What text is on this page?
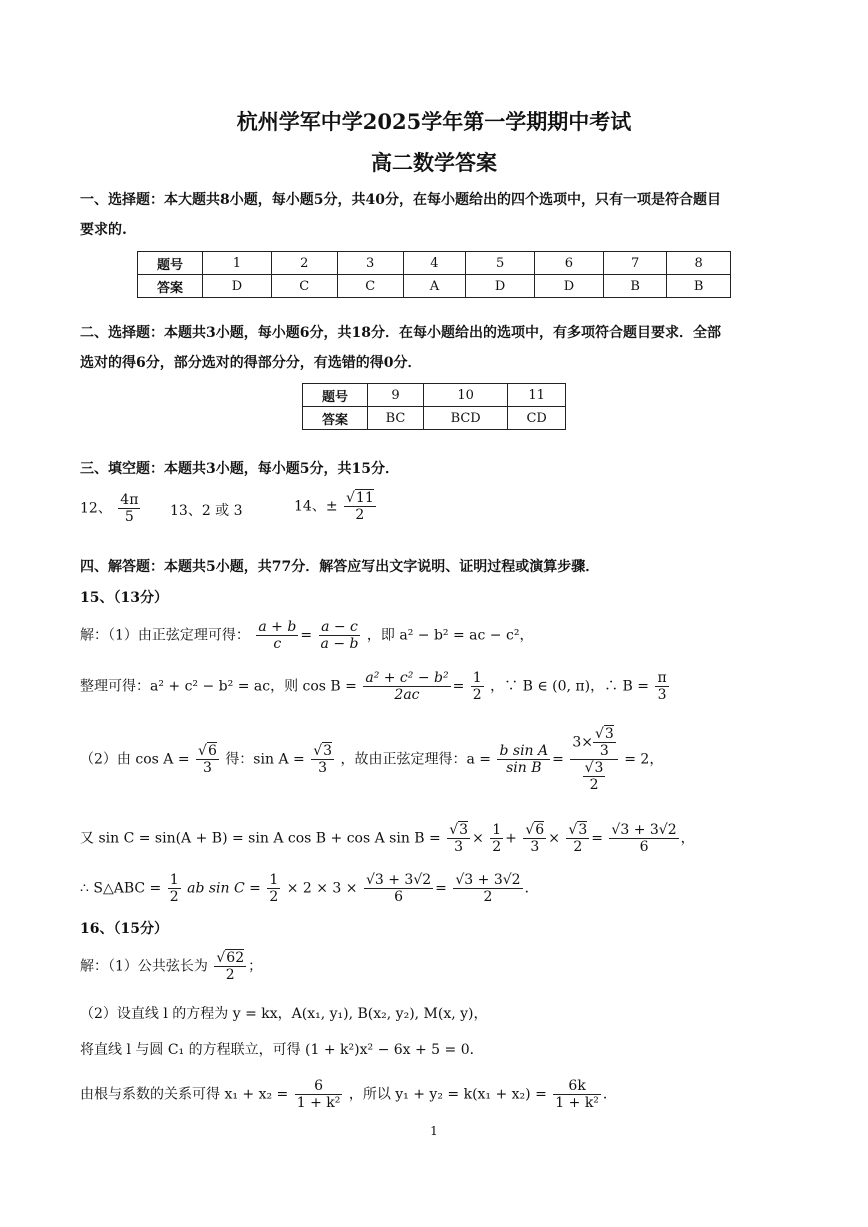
杭州学军中学2025学年第一学期期中考试
高二数学答案
一、选择题：本大题共8小题，每小题5分，共40分，在每小题给出的四个选项中，只有一项是符合题目
要求的.
题号	1	2	3	4	5	6	7	8
答案	D	C	C	A	D	D	B	B
二、选择题：本题共3小题，每小题6分，共18分．在每小题给出的选项中，有多项符合题目要求．全部
选对的得6分，部分选对的得部分分，有选错的得0分．
题号	9	10	11
答案	BC	BCD	CD
三、填空题：本题共3小题，每小题5分，共15分．
12、 $\frac{4\pi}{5} 13$、2 或 3	14、± $\frac{√11}{2}$
四、解答题：本题共5小题，共77分．解答应写出文字说明、证明过程或演算步骤．
15、（13分）
解：（1）由正弦定理可得： $\frac{a + b}{c} = \frac{a - c}{a - b}$ ，即 a² − b² = ac − c²，
整理可得：a² + c² − b² = ac，则 $\cos B = \frac{\text{a² + c² − b²}}{2ac} = \frac{1}{2}$ ，∵ B ∈ (0, π)，∴ $B = \frac{\pi}{3}$
（2）由 $\cos A = \frac{√6}{3}$ 得：$\sin A = \frac{√3}{3}$ ，故由正弦定理得：$a = \frac{\text{b sin A}}{\text{sin B}} = \frac{3\times \frac{√3}{3}}{\frac{√3}{2}} = 2$，
又 sin C = sin(A + B) = sin A cos B + cos A $\sin B = \frac{√3}{3} \times \frac{1}{2} + \frac{√6}{3} \times \frac{√3}{2} = \frac{√3 + 3√2}{6}$ ，
∴ S△ABC = $\frac{1}{2}$ ab $\sin C = \frac{1}{2} \times 2 \times 3 \times \frac{√3 + 3√2}{6} = \frac{√3 + 3√2}{2}$ ．
16、（15分）
解：（1）公共弦长为 $\frac{√62}{2}$ ；
（2）设直线 l 的方程为 y = kx，A(x₁, y₁), B(x₂, y₂), M(x, y)，
将直线 l 与圆 C₁ 的方程联立，可得 (1 + k²)x² − 6x + 5 = 0．
由根与系数的关系可得 $x_1 + x_2 = \frac{6}{\text{1 + k²}}$ ，所以 $y_1 + y_2 = k(x_1 + x_2) = \frac{6k}{\text{1 + k²}}$ ．
1
